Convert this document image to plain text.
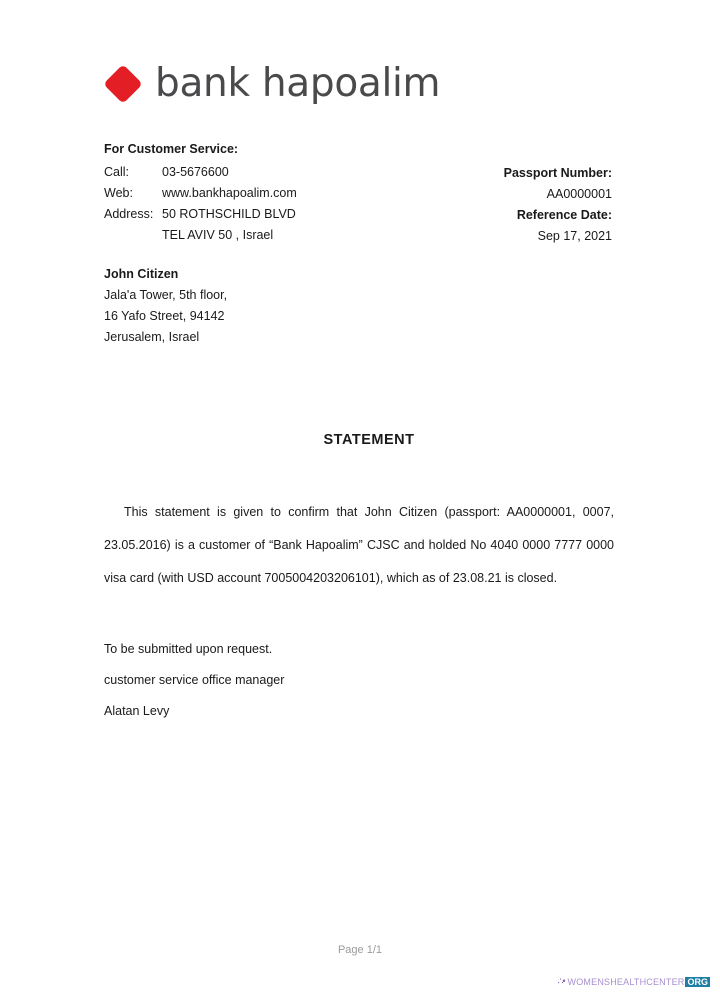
bank hapoalim
For Customer Service:
Call:	03-5676600
Web:	www.bankhapoalim.com
Address: 50 ROTHSCHILD BLVD
TEL AVIV 50 , Israel
Passport Number:
AA0000001
Reference Date:
Sep 17, 2021
John Citizen
Jala'a Tower, 5th floor,
16 Yafo Street, 94142
Jerusalem, Israel
STATEMENT

This statement is given to confirm that John Citizen (passport: AA0000001, 0007, 23.05.2016) is a customer of “Bank Hapoalim” CJSC and holded No 4040 0000 7777 0000 visa card (with USD account 7005004203206101), which as of 23.08.21 is closed.

To be submitted upon request.
customer service office manager
Alatan Levy
Page 1/1
∴• WOMENSHEALTHCENTER ORG
